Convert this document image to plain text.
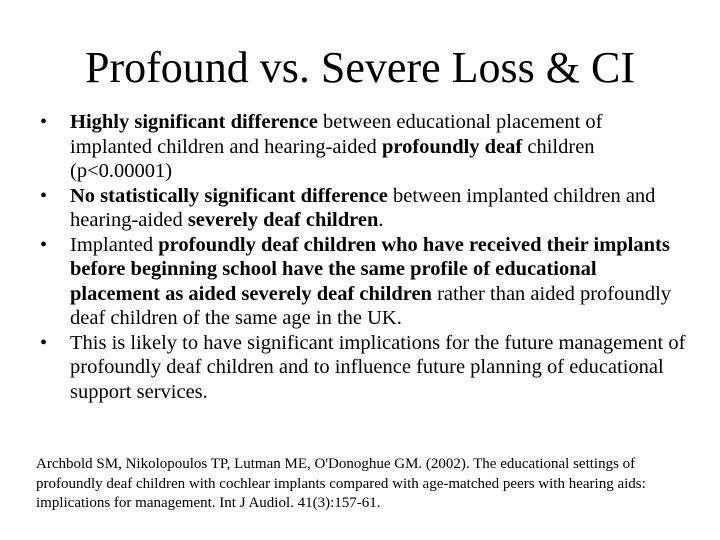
Profound vs. Severe Loss & CI
• Highly significant difference between educational placement of implanted children and hearing-aided profoundly deaf children (p<0.00001)
• No statistically significant difference between implanted children and hearing-aided severely deaf children.
• Implanted profoundly deaf children who have received their implants before beginning school have the same profile of educational placement as aided severely deaf children rather than aided profoundly deaf children of the same age in the UK.
• This is likely to have significant implications for the future management of profoundly deaf children and to influence future planning of educational support services.

Archbold SM, Nikolopoulos TP, Lutman ME, O'Donoghue GM. (2002). The educational settings of profoundly deaf children with cochlear implants compared with age-matched peers with hearing aids: implications for management. Int J Audiol. 41(3):157-61.
